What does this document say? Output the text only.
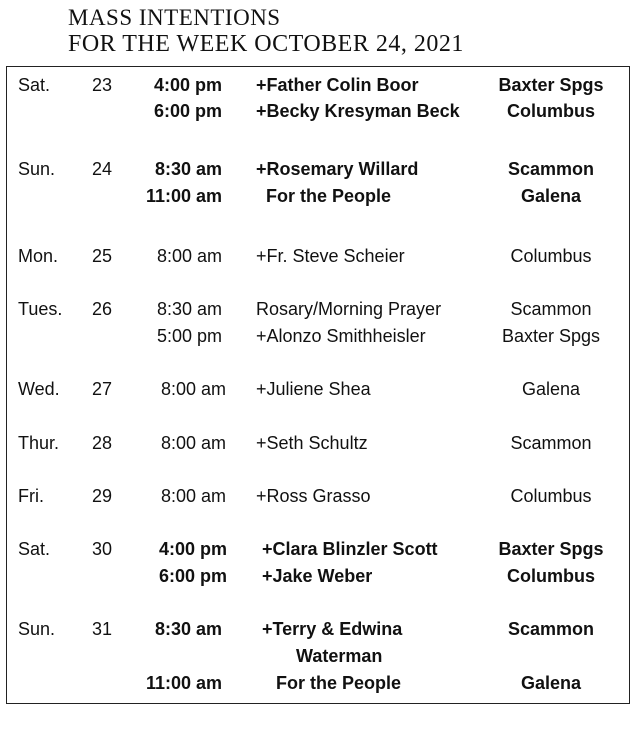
MASS INTENTIONS
FOR THE WEEK OCTOBER 24, 2021
Sat. 23 4:00 pm +Father Colin Boor	Baxter Spgs
6:00 pm +Becky Kresyman Beck	Columbus
Sun. 24 8:30 am +Rosemary Willard	Scammon
11:00 am For the People	Galena
Mon. 25 8:00 am +Fr. Steve Scheier	Columbus
Tues. 26 8:30 am Rosary/Morning Prayer	Scammon
5:00 pm +Alonzo Smithheisler	Baxter Spgs
Wed. 27	8:00 am +Juliene Shea	Galena
Thur. 28	8:00 am +Seth Schultz	Scammon
Fri.	29	8:00 am +Ross Grasso	Columbus
Sat. 30	4:00 pm +Clara Blinzler Scott	Baxter Spgs
6:00 pm +Jake Weber	Columbus
Sun. 31 8:30 am +Terry & Edwina	Scammon
Waterman
11:00 am	For the People	Galena
